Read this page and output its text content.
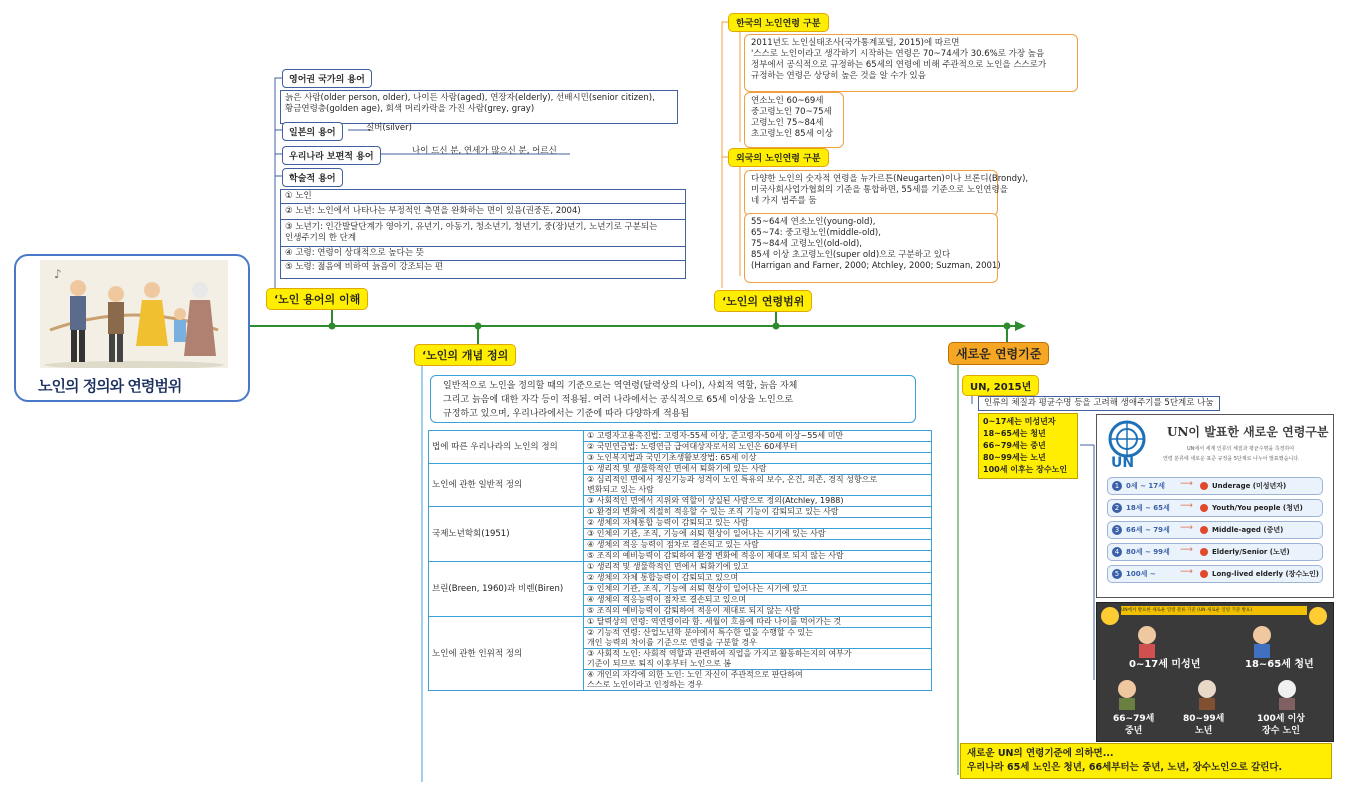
♪
노인의 정의와 연령범위
‘노인 용어의 이해
‘노인의 개념 정의
‘노인의 연령범위
새로운 연령기준
영어권 국가의 용어
늙은 사람(older person, older), 나이든 사람(aged), 연장자(elderly), 선배시민(senior citizen),
황금연령층(golden age), 회색 머리카락을 가진 사람(grey, gray)
일본의 용어	실버(silver)
우리나라 보편적 용어
나이 드신 분, 연세가 많으신 분, 어르신
학술적 용어
① 노인
② 노년: 노인에서 나타나는 부정적인 측면을 완화하는 면이 있음(권중돈, 2004)
③ 노년기: 인간발달단계가 영아기, 유년기, 아동기, 청소년기, 청년기, 중(장)년기, 노년기로 구분되는
인생주기의 한 단계
④ 고령: 연령이 상대적으로 높다는 뜻
⑤ 노령: 젊음에 비하여 늙음이 강조되는 편
일반적으로 노인을 정의할 때의 기준으로는 역연령(달력상의 나이), 사회적 역할, 늙음 자체
그리고 늙음에 대한 자각 등이 적용됨. 여러 나라에서는 공식적으로 65세 이상을 노인으로
규정하고 있으며, 우리나라에서는 기준에 따라 다양하게 적용됨
법에 따른 우리나라의 노인의 정의	① 고령자고용촉진법: 고령자-55세 이상, 준고령자-50세 이상~55세 미만
	② 국민연금법: 노령연금 급여대상자로서의 노인은 60세부터
	③ 노인복지법과 국민기초생활보장법: 65세 이상
노인에 관한 일반적 정의	① 생리적 및 생물학적인 면에서 퇴화기에 있는 사람
	② 심리적인 면에서 정신기능과 성격이 노인 특유의 보수, 온건, 의존, 경직 성향으로
변화되고 있는 사람
	③ 사회적인 면에서 지위와 역할이 상실된 사람으로 정의(Atchley, 1988)
국제노년학회(1951)	① 환경의 변화에 적절히 적응할 수 있는 조직 기능이 감퇴되고 있는 사람
	② 생체의 자체통합 능력이 감퇴되고 있는 사람
	③ 인체의 기관, 조직, 기능에 쇠퇴 현상이 일어나는 시기에 있는 사람
	④ 생체의 적응 능력이 점차로 결손되고 있는 사람
	⑤ 조직의 예비능력이 감퇴하여 환경 변화에 적응이 제대로 되지 않는 사람
브린(Breen, 1960)과 비렌(Biren)	① 생리적 및 생물학적인 면에서 퇴화기에 있고
	② 생체의 자체 통합능력이 감퇴되고 있으며
	③ 인체의 기관, 조직, 기능에 쇠퇴 현상이 일어나는 시기에 있고
	④ 생체의 적응능력이 점차로 결손되고 있으며
	⑤ 조직의 예비능력이 감퇴하여 적응이 제대로 되지 않는 사람
노인에 관한 인위적 정의	① 달력상의 연령: 역연령이라 함. 세월이 흐름에 따라 나이를 먹어가는 것
	② 기능적 연령: 산업노년학 분야에서 특수한 일을 수행할 수 있는
개인 능력의 차이를 기준으로 연령을 구분할 경우
	③ 사회적 노인: 사회적 역할과 관련하여 직업을 가지고 활동하는지의 여부가
기준이 되므로 퇴직 이후부터 노인으로 봄
	④ 개인의 자각에 의한 노인: 노인 자신이 주관적으로 판단하여
스스로 노인이라고 인정하는 경우
한국의 노인연령 구분
2011년도 노인실태조사(국가통계포털, 2015)에 따르면
'스스로 노인이라고 생각하기 시작하는 연령은 70~74세가 30.6%로 가장 높음
정부에서 공식적으로 규정하는 65세의 연령에 비해 주관적으로 노인을 스스로가
규정하는 연령은 상당히 높은 것을 알 수가 있음
연소노인 60~69세
중고령노인 70~75세
고령노인 75~84세
초고령노인 85세 이상
외국의 노인연령 구분
다양한 노인의 숫자적 연령을 뉴가르튼(Neugarten)이나 브론디(Brondy),
미국사회사업가협회의 기준을 통합하면, 55세를 기준으로 노인연령을
네 가지 범주를 둠
55~64세 연소노인(young-old),
65~74: 중고령노인(middle-old),
75~84세 고령노인(old-old),
85세 이상 초고령노인(super old)으로 구분하고 있다
(Harrigan and Farner, 2000; Atchley, 2000; Suzman, 2001)
UN, 2015년
인류의 체질과 평균수명 등을 고려해 생애주기를 5단계로 나눔
0~17세는 미성년자
18~65세는 청년
66~79세는 중년
80~99세는 노년
100세 이후는 장수노인	UN
UN이 발표한 새로운 연령구분
UN에서 세계 인류의 체질과 평균수명을 측정하여
연령 분류에 새로운 표준 규정을 5단계로 나누어 발표했습니다.
1 0세 ~ 17세 ⟶	Underage (미성년자)
2 18세 ~ 65세 ⟶	Youth/You people (청년)
3 66세 ~ 79세 ⟶	Middle-aged (중년)
4 80세 ~ 99세 ⟶	Elderly/Senior (노년)
5 100세 ~	⟶	Long-lived elderly (장수노인)
UN에서 발표한 새로운 연령 분류 기준 (UN 새로운 연령 기준 발표)
0~17세 미성년	18~65세 청년
66~79세
중년
80~99세
노년
100세 이상
장수 노인
새로운 UN의 연령기준에 의하면...
우리나라 65세 노인은 청년, 66세부터는 중년, 노년, 장수노인으로 갈린다.
